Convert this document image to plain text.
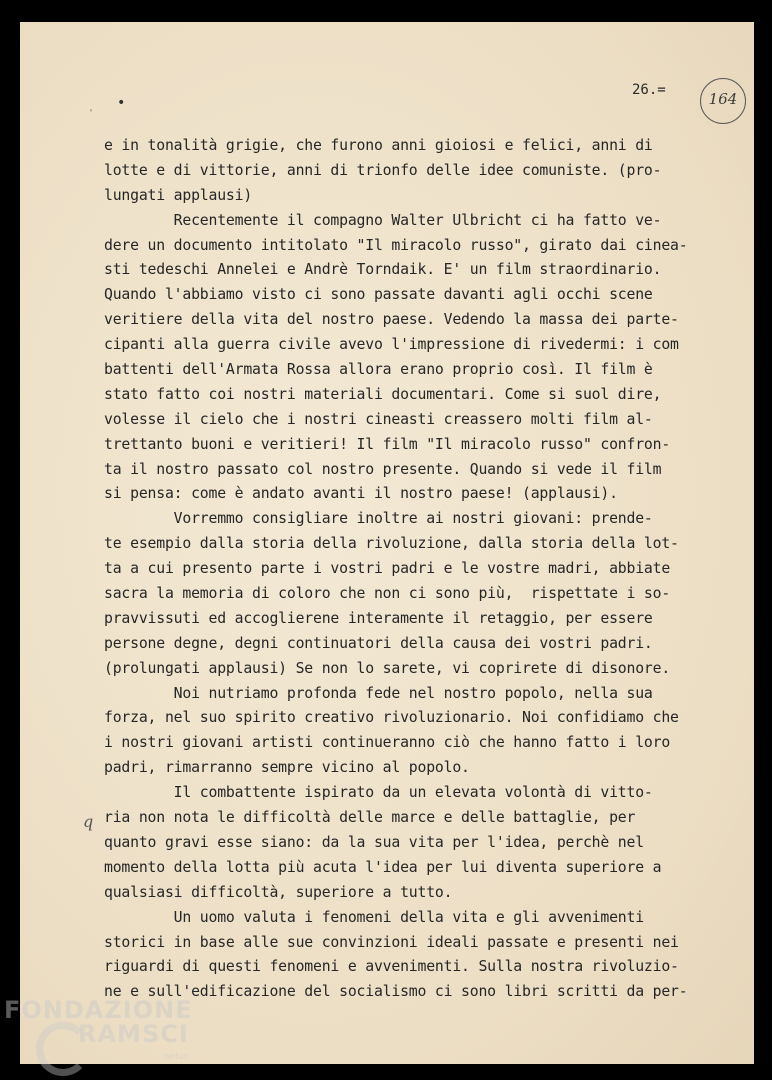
•
'
26.=	164
q
e in tonalità grigie, che furono anni gioiosi e felici, anni di
lotte e di vittorie, anni di trionfo delle idee comuniste. (pro-
lungati applausi)
Recentemente il compagno Walter Ulbricht ci ha fatto ve-
dere un documento intitolato "Il miracolo russo", girato dai cinea-
sti tedeschi Annelei e Andrè Torndaik. E' un film straordinario.
Quando l'abbiamo visto ci sono passate davanti agli occhi scene
veritiere della vita del nostro paese. Vedendo la massa dei parte-
cipanti alla guerra civile avevo l'impressione di rivedermi: i com
battenti dell'Armata Rossa allora erano proprio così. Il film è
stato fatto coi nostri materiali documentari. Come si suol dire,
volesse il cielo che i nostri cineasti creassero molti film al-
trettanto buoni e veritieri! Il film "Il miracolo russo" confron-
ta il nostro passato col nostro presente. Quando si vede il film
si pensa: come è andato avanti il nostro paese! (applausi).
Vorremmo consigliare inoltre ai nostri giovani: prende-
te esempio dalla storia della rivoluzione, dalla storia della lot-
ta a cui presento parte i vostri padri e le vostre madri, abbiate
sacra la memoria di coloro che non ci sono più,  rispettate i so-
pravvissuti ed accoglierene interamente il retaggio, per essere
persone degne, degni continuatori della causa dei vostri padri.
(prolungati applausi) Se non lo sarete, vi coprirete di disonore.
Noi nutriamo profonda fede nel nostro popolo, nella sua
forza, nel suo spirito creativo rivoluzionario. Noi confidiamo che
i nostri giovani artisti continueranno ciò che hanno fatto i loro
padri, rimarranno sempre vicino al popolo.
Il combattente ispirato da un elevata volontà di vitto-
ria non nota le difficoltà delle marce e delle battaglie, per
quanto gravi esse siano: da la sua vita per l'idea, perchè nel
momento della lotta più acuta l'idea per lui diventa superiore a
qualsiasi difficoltà, superiore a tutto.
Un uomo valuta i fenomeni della vita e gli avvenimenti
storici in base alle sue convinzioni ideali passate e presenti nei
riguardi di questi fenomeni e avvenimenti. Sulla nostra rivoluzio-
ne e sull'edificazione del socialismo ci sono libri scritti da per-
FONDAZIONE
RAMSCI
onlus
